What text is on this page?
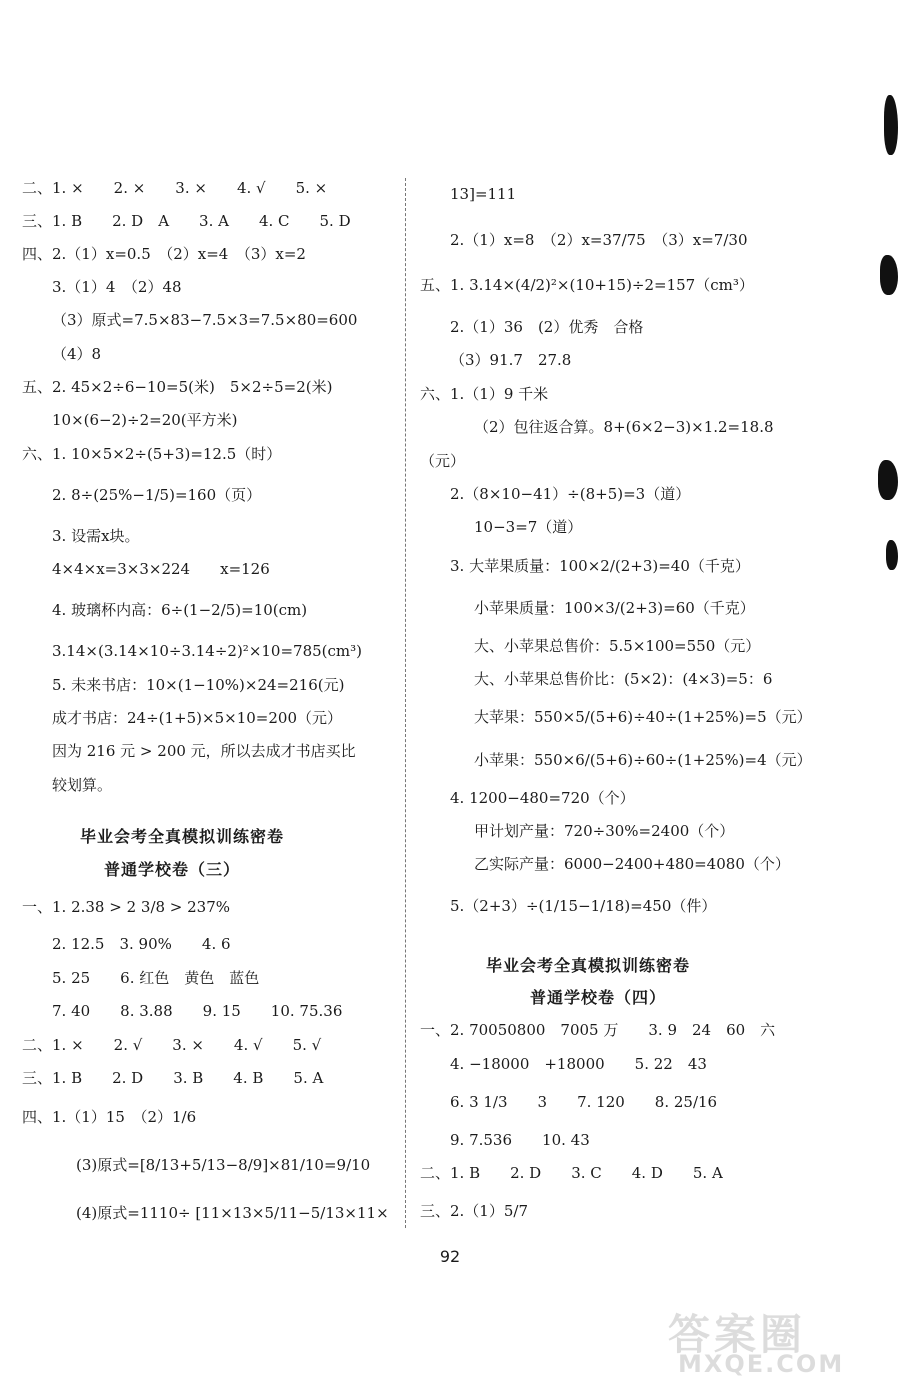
二、1. ×　　2. ×　　3. ×　　4. √　　5. ×
三、1. B　　2. D　A　　3. A　　4. C　　5. D
四、2.（1）x=0.5　（2）x=4　（3）x=2
3.（1）4　（2）48
（3）原式=7.5×83−7.5×3=7.5×80=600
（4）8
五、2. 45×2÷6−10=5(米)　5×2÷5=2(米)
10×(6−2)÷2=20(平方米)
六、1. 10×5×2÷(5+3)=12.5（时）
2. 8÷(25%−1/5)=160（页）
3. 设需x块。
4×4×x=3×3×224　　x=126
4. 玻璃杯内高：6÷(1−2/5)=10(cm)
3.14×(3.14×10÷3.14÷2)²×10=785(cm³)
5. 未来书店：10×(1−10%)×24=216(元)
成才书店：24÷(1+5)×5×10=200（元）
因为 216 元 > 200 元，所以去成才书店买比
较划算。
毕业会考全真模拟训练密卷
普通学校卷（三）
一、1. 2.38 > 2 3/8 > 237%
2. 12.5　3. 90%　　4. 6
5. 25　　6. 红色　黄色　蓝色
7. 40　　8. 3.88　　9. 15　　10. 75.36
二、1. ×　　2. √　　3. ×　　4. √　　5. √
三、1. B　　2. D　　3. B　　4. B　　5. A
四、1.（1）15　（2）1/6
(3)原式=[8/13+5/13−8/9]×81/10=9/10
(4)原式=1110÷ [11×13×5/11−5/13×11×
13]=111
2.（1）x=8　（2）x=37/75　（3）x=7/30
五、1. 3.14×(4/2)²×(10+15)÷2=157（cm³）
2.（1）36　(2）优秀　合格
（3）91.7　27.8
六、1.（1）9 千米
（2）包往返合算。8+(6×2−3)×1.2=18.8
（元）
2.（8×10−41）÷(8+5)=3（道）
10−3=7（道）
3. 大苹果质量：100×2/(2+3)=40（千克）
小苹果质量：100×3/(2+3)=60（千克）
大、小苹果总售价：5.5×100=550（元）
大、小苹果总售价比：(5×2)：(4×3)=5：6
大苹果：550×5/(5+6)÷40÷(1+25%)=5（元）
小苹果：550×6/(5+6)÷60÷(1+25%)=4（元）
4. 1200−480=720（个）
甲计划产量：720÷30%=2400（个）
乙实际产量：6000−2400+480=4080（个）
5.（2+3）÷(1/15−1/18)=450（件）
毕业会考全真模拟训练密卷
普通学校卷（四）
一、2. 70050800　7005 万　　3. 9　24　60　六
4. −18000　+18000　　5. 22　43
6. 3 1/3　　3　　7. 120　　8. 25/16
9. 7.536　　10. 43
二、1. B　　2. D　　3. C　　4. D　　5. A
三、2.（1）5/7
92
答案圈
MXQE.COM
